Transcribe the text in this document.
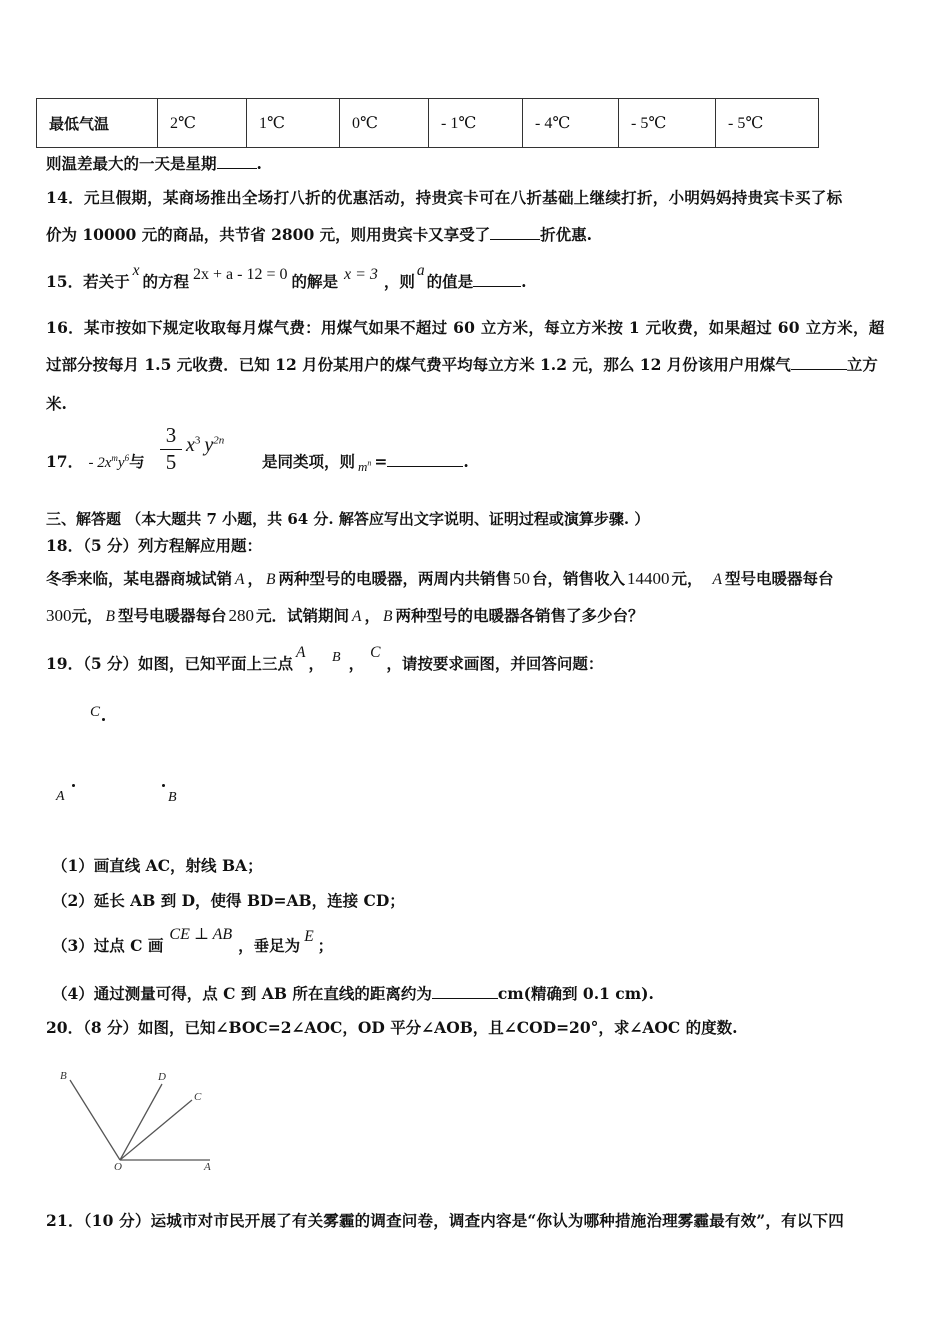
最低气温	2℃	1℃	0℃	- 1℃	- 4℃	- 5℃	- 5℃
则温差最大的一天是星期	.
14．元旦假期，某商场推出全场打八折的优惠活动，持贵宾卡可在八折基础上继续打折，小明妈妈持贵宾卡买了标
价为 10000 元的商品，共节省 2800 元，则用贵宾卡又享受了	折优惠.
15．若关于x的方程 2x + a - 12 = 0 的解是 x = 3 ，则a的值是	.
16．某市按如下规定收取每月煤气费：用煤气如果不超过 60 立方米，每立方米按 1 元收费，如果超过 60 立方米，超
过部分按每月 1.5 元收费．已知 12 月份某用户的煤气费平均每立方米 1.2 元，那么 12 月份该用户用煤气	立方
米.
17． - $2x^my^6$与
3
5
$x^3$ $y^{2n}$
是同类项，则 $_{m^n}$ =	.
三、解答题 （本大题共 7 小题，共 64 分. 解答应写出文字说明、证明过程或演算步骤. ）
18．（5 分）列方程解应用题：
冬季来临，某电器商城试销 A ， B 两种型号的电暖器，两周内共销售 50 台，销售收入 14400 元， A 型号电暖器每台
300元， B 型号电暖器每台 280 元．试销期间 A ， B 两种型号的电暖器各销售了多少台？
19．（5 分）如图，已知平面上三点A， B ，C，请按要求画图，并回答问题：
C
A	B
（1）画直线 AC，射线 BA；
（2）延长 AB 到 D，使得 BD=AB，连接 CD；
（3）过点 C 画CE ⊥ AB，垂足为 E ；
（4）通过测量可得，点 C 到 AB 所在直线的距离约为	cm(精确到 0.1 cm).
20．（8 分）如图，已知∠BOC=2∠AOC，OD 平分∠AOB，且∠COD=20°，求∠AOC 的度数.
B	D
C
O	A
21．（10 分）运城市对市民开展了有关雾霾的调查问卷，调查内容是“你认为哪种措施治理雾霾最有效”，有以下四
